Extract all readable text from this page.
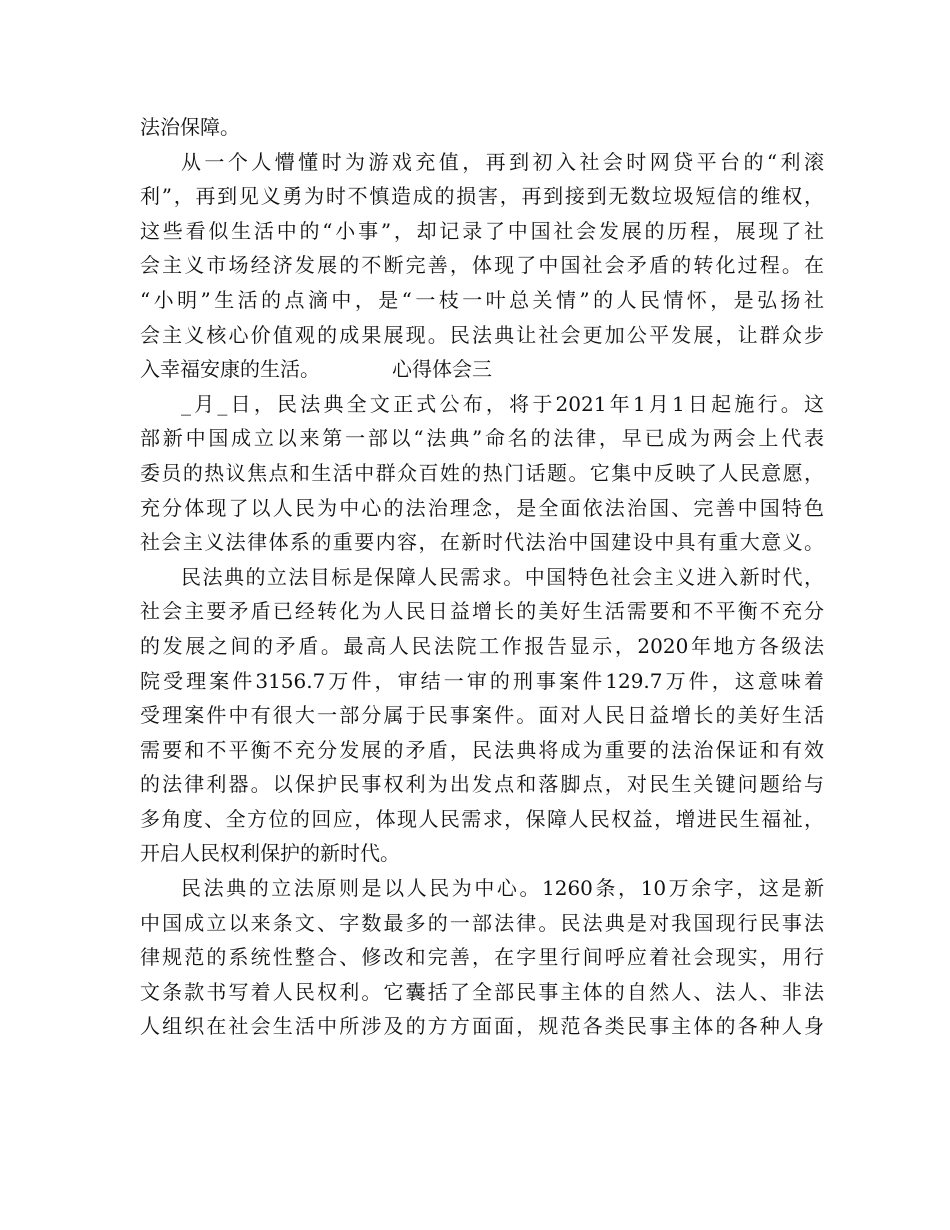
法治保障。
从一个人懵懂时为游戏充值，再到初入社会时网贷平台的“利滚
利”，再到见义勇为时不慎造成的损害，再到接到无数垃圾短信的维权，
这些看似生活中的“小事”，却记录了中国社会发展的历程，展现了社
会主义市场经济发展的不断完善，体现了中国社会矛盾的转化过程。在
“小明”生活的点滴中，是“一枝一叶总关情”的人民情怀，是弘扬社
会主义核心价值观的成果展现。民法典让社会更加公平发展，让群众步
入幸福安康的生活。	心得体会三
_月_日，民法典全文正式公布，将于2021年1月1日起施行。这
部新中国成立以来第一部以“法典”命名的法律，早已成为两会上代表
委员的热议焦点和生活中群众百姓的热门话题。它集中反映了人民意愿，
充分体现了以人民为中心的法治理念，是全面依法治国、完善中国特色
社会主义法律体系的重要内容，在新时代法治中国建设中具有重大意义。
民法典的立法目标是保障人民需求。中国特色社会主义进入新时代，
社会主要矛盾已经转化为人民日益增长的美好生活需要和不平衡不充分
的发展之间的矛盾。最高人民法院工作报告显示，2020年地方各级法
院受理案件3156.7万件，审结一审的刑事案件129.7万件，这意味着
受理案件中有很大一部分属于民事案件。面对人民日益增长的美好生活
需要和不平衡不充分发展的矛盾，民法典将成为重要的法治保证和有效
的法律利器。以保护民事权利为出发点和落脚点，对民生关键问题给与
多角度、全方位的回应，体现人民需求，保障人民权益，增进民生福祉，
开启人民权利保护的新时代。
民法典的立法原则是以人民为中心。1260条，10万余字，这是新
中国成立以来条文、字数最多的一部法律。民法典是对我国现行民事法
律规范的系统性整合、修改和完善，在字里行间呼应着社会现实，用行
文条款书写着人民权利。它囊括了全部民事主体的自然人、法人、非法
人组织在社会生活中所涉及的方方面面，规范各类民事主体的各种人身
